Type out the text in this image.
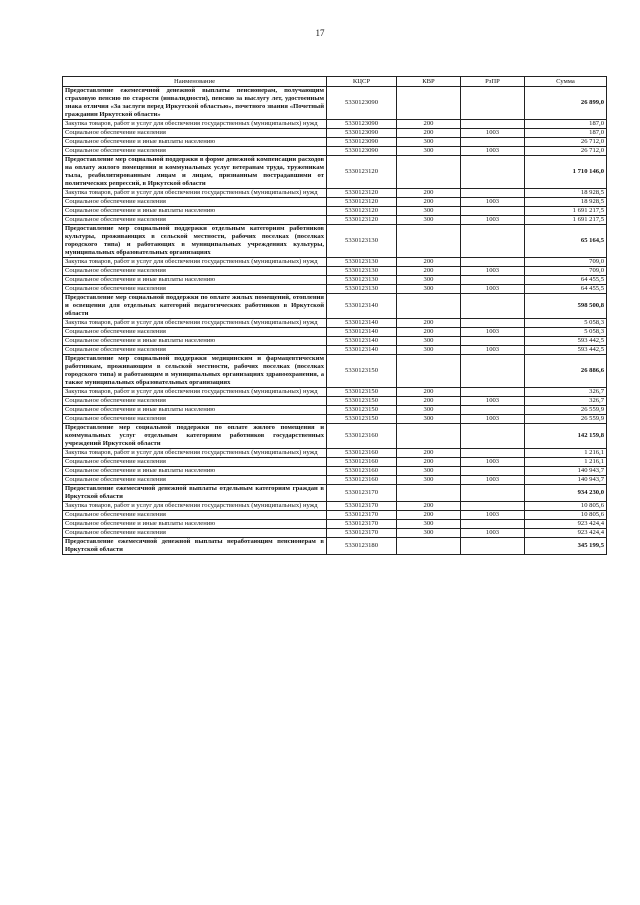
17
Наименование	КЦСР	КВР	РзПР	Сумма
Предоставление ежемесячной денежной выплаты пенсионерам, получающим страховую пенсию по старости (инвалидности), пенсию за выслугу лет, удостоенным знака отличия «За заслуги перед Иркутской областью», почетного звания «Почетный гражданин Иркутской области»	5330123090			26 899,0
Закупка товаров, работ и услуг для обеспечения государственных (муниципальных) нужд	5330123090	200		187,0
Социальное обеспечение населения	5330123090	200	1003	187,0
Социальное обеспечение и иные выплаты населению	5330123090	300		26 712,0
Социальное обеспечение населения	5330123090	300	1003	26 712,0
Предоставление мер социальной поддержки в форме денежной компенсации расходов на оплату жилого помещения и коммунальных услуг ветеранам труда, труженикам тыла, реабилитированным лицам и лицам, признанным пострадавшими от политических репрессий, в Иркутской области	5330123120			1 710 146,0
Закупка товаров, работ и услуг для обеспечения государственных (муниципальных) нужд	5330123120	200		18 928,5
Социальное обеспечение населения	5330123120	200	1003	18 928,5
Социальное обеспечение и иные выплаты населению	5330123120	300		1 691 217,5
Социальное обеспечение населения	5330123120	300	1003	1 691 217,5
Предоставление мер социальной поддержки отдельным категориям работников культуры, проживающих в сельской местности, рабочих поселках (поселках городского типа) и работающих в муниципальных учреждениях культуры, муниципальных образовательных организациях	5330123130			65 164,5
Закупка товаров, работ и услуг для обеспечения государственных (муниципальных) нужд	5330123130	200		709,0
Социальное обеспечение населения	5330123130	200	1003	709,0
Социальное обеспечение и иные выплаты населению	5330123130	300		64 455,5
Социальное обеспечение населения	5330123130	300	1003	64 455,5
Предоставление мер социальной поддержки по оплате жилых помещений, отопления и освещения для отдельных категорий педагогических работников в Иркутской области	5330123140			598 500,8
Закупка товаров, работ и услуг для обеспечения государственных (муниципальных) нужд	5330123140	200		5 058,3
Социальное обеспечение населения	5330123140	200	1003	5 058,3
Социальное обеспечение и иные выплаты населению	5330123140	300		593 442,5
Социальное обеспечение населения	5330123140	300	1003	593 442,5
Предоставление мер социальной поддержки медицинским и фармацевтическим работникам, проживающим в сельской местности, рабочих поселках (поселках городского типа) и работающим в муниципальных организациях здравоохранения, а также муниципальных образовательных организациях	5330123150			26 886,6
Закупка товаров, работ и услуг для обеспечения государственных (муниципальных) нужд	5330123150	200		326,7
Социальное обеспечение населения	5330123150	200	1003	326,7
Социальное обеспечение и иные выплаты населению	5330123150	300		26 559,9
Социальное обеспечение населения	5330123150	300	1003	26 559,9
Предоставление мер социальной поддержки по оплате жилого помещения и коммунальных услуг отдельным категориям работников государственных учреждений Иркутской области	5330123160			142 159,8
Закупка товаров, работ и услуг для обеспечения государственных (муниципальных) нужд	5330123160	200		1 216,1
Социальное обеспечение населения	5330123160	200	1003	1 216,1
Социальное обеспечение и иные выплаты населению	5330123160	300		140 943,7
Социальное обеспечение населения	5330123160	300	1003	140 943,7
Предоставление ежемесячной денежной выплаты отдельным категориям граждан в Иркутской области	5330123170			934 230,0
Закупка товаров, работ и услуг для обеспечения государственных (муниципальных) нужд	5330123170	200		10 805,6
Социальное обеспечение населения	5330123170	200	1003	10 805,6
Социальное обеспечение и иные выплаты населению	5330123170	300		923 424,4
Социальное обеспечение населения	5330123170	300	1003	923 424,4
Предоставление ежемесячной денежной выплаты неработающим пенсионерам в Иркутской области	5330123180			345 199,5
